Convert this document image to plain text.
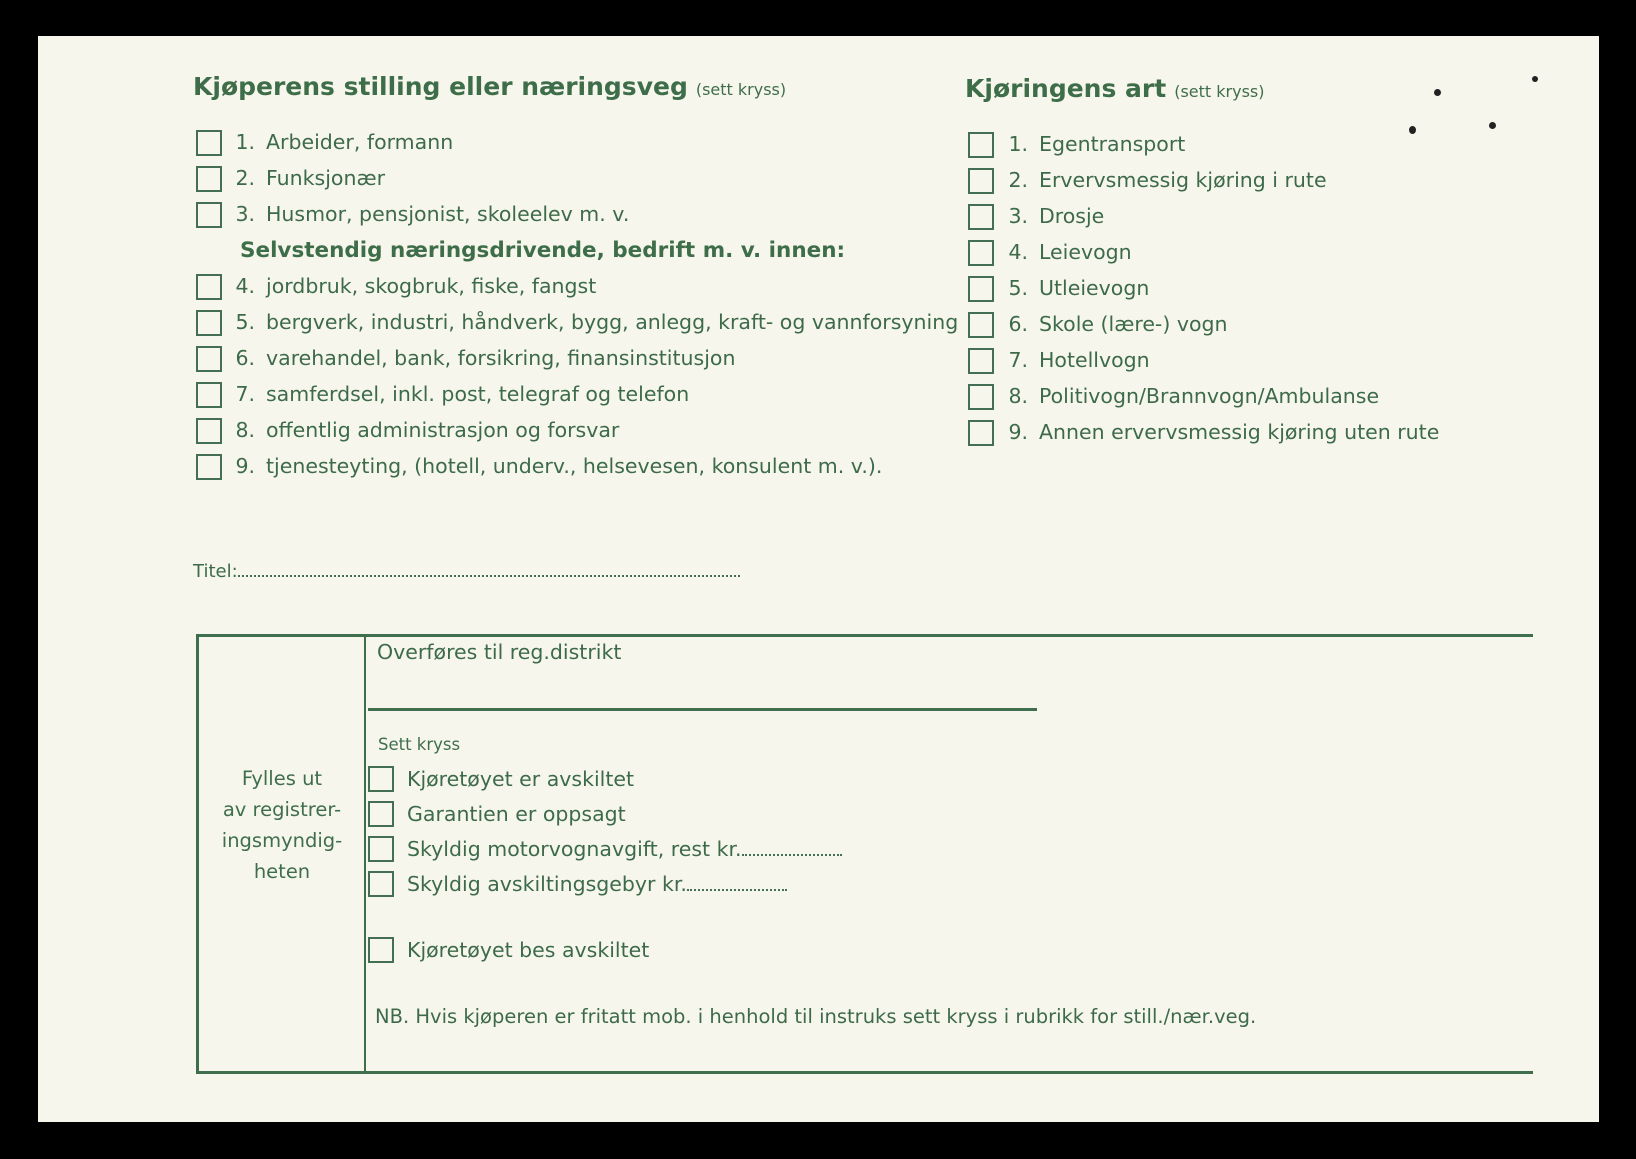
Kjøperens stilling eller næringsveg (sett kryss)
1. Arbeider, formann
2. Funksjonær
3. Husmor, pensjonist, skoleelev m. v.
Selvstendig næringsdrivende, bedrift m. v. innen:
4. jordbruk, skogbruk, fiske, fangst
5. bergverk, industri, håndverk, bygg, anlegg, kraft- og vannforsyning
6. varehandel, bank, forsikring, finansinstitusjon
7. samferdsel, inkl. post, telegraf og telefon
8. offentlig administrasjon og forsvar
9. tjenesteyting, (hotell, underv., helsevesen, konsulent m. v.).
Titel:
Kjøringens art (sett kryss)
1. Egentransport
2. Ervervsmessig kjøring i rute
3. Drosje
4. Leievogn
5. Utleievogn
6. Skole (lære-) vogn
7. Hotellvogn
8. Politivogn/Brannvogn/Ambulanse
9. Annen ervervsmessig kjøring uten rute
Fylles ut
av registrer-
ingsmyndig-
heten
Overføres til reg.distrikt
Sett kryss
Kjøretøyet er avskiltet
Garantien er oppsagt
Skyldig motorvognavgift, rest kr.
Skyldig avskiltingsgebyr kr.
Kjøretøyet bes avskiltet
NB. Hvis kjøperen er fritatt mob. i henhold til instruks sett kryss i rubrikk for still./nær.veg.
